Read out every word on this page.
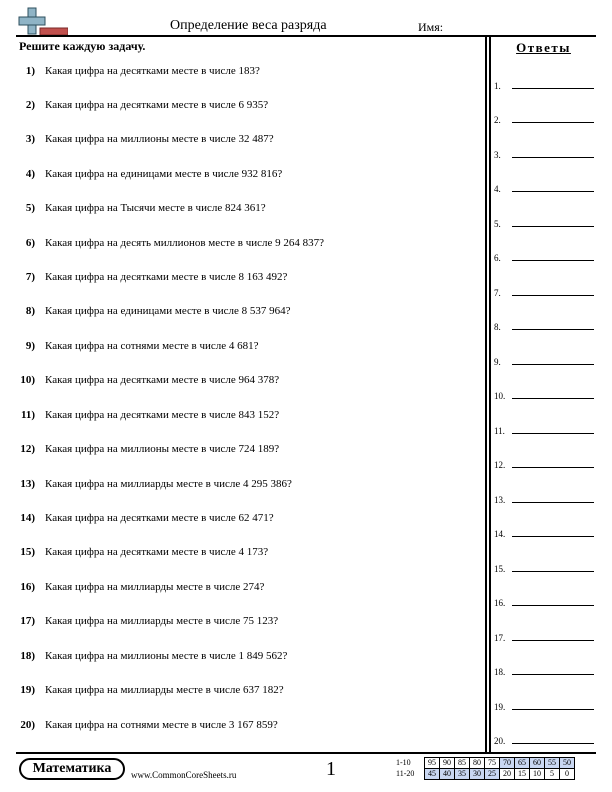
Определение веса разряда	Имя:
Решите каждую задачу.
1) Какая цифра на десятками месте в числе 183?
2) Какая цифра на десятками месте в числе 6 935?
3) Какая цифра на миллионы месте в числе 32 487?
4) Какая цифра на единицами месте в числе 932 816?
5) Какая цифра на Тысячи месте в числе 824 361?
6) Какая цифра на десять миллионов месте в числе 9 264 837?
7) Какая цифра на десятками месте в числе 8 163 492?
8) Какая цифра на единицами месте в числе 8 537 964?
9) Какая цифра на сотнями месте в числе 4 681?
10) Какая цифра на десятками месте в числе 964 378?
11) Какая цифра на десятками месте в числе 843 152?
12) Какая цифра на миллионы месте в числе 724 189?
13) Какая цифра на миллиарды месте в числе 4 295 386?
14) Какая цифра на десятками месте в числе 62 471?
15) Какая цифра на десятками месте в числе 4 173?
16) Какая цифра на миллиарды месте в числе 274?
17) Какая цифра на миллиарды месте в числе 75 123?
18) Какая цифра на миллионы месте в числе 1 849 562?
19) Какая цифра на миллиарды месте в числе 637 182?
20) Какая цифра на сотнями месте в числе 3 167 859?
Ответы
1.
2.
3.
4.
5.
6.
7.
8.
9.
10.
11.
12.
13.
14.
15.
16.
17.
18.
19.
20.
Математика	www.CommonCoreSheets.ru	1	1-10	95	90	85	80	75	70	65	60	55	50
11-20	45	40	35	30	25	20	15	10	5	0
